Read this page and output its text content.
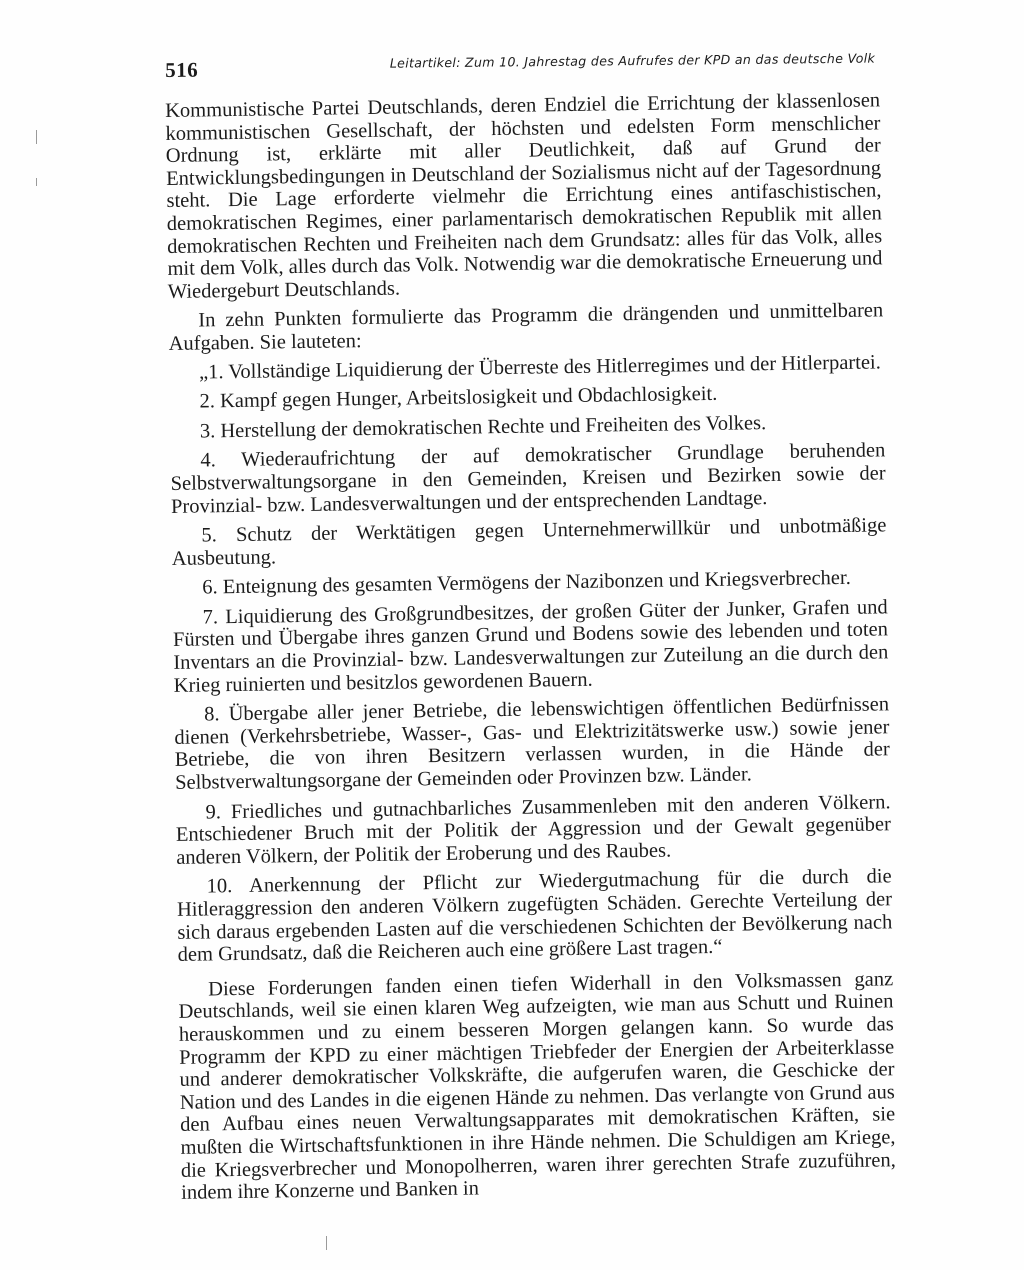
516	Leitartikel: Zum 10. Jahrestag des Aufrufes der KPD an das deutsche Volk

Kommunistische Partei Deutschlands, deren Endziel die Errichtung der klassenlosen kommunistischen Gesellschaft, der höchsten und edelsten Form menschlicher Ordnung ist, erklärte mit aller Deutlichkeit, daß auf Grund der Entwicklungsbedingungen in Deutschland der Sozialismus nicht auf der Tagesordnung steht. Die Lage erforderte vielmehr die Errichtung eines antifaschistischen, demokratischen Regimes, einer parlamentarisch demokratischen Republik mit allen demokratischen Rechten und Freiheiten nach dem Grundsatz: alles für das Volk, alles mit dem Volk, alles durch das Volk. Notwendig war die demokratische Erneuerung und Wiedergeburt Deutschlands.

In zehn Punkten formulierte das Programm die drängenden und unmittelbaren Aufgaben. Sie lauteten:

„1. Vollständige Liquidierung der Überreste des Hitlerregimes und der Hitlerpartei.

2. Kampf gegen Hunger, Arbeitslosigkeit und Obdachlosigkeit.

3. Herstellung der demokratischen Rechte und Freiheiten des Volkes.

4. Wiederaufrichtung der auf demokratischer Grundlage beruhenden Selbstverwaltungsorgane in den Gemeinden, Kreisen und Bezirken sowie der Provinzial- bzw. Landesverwaltungen und der entsprechenden Landtage.

5. Schutz der Werktätigen gegen Unternehmerwillkür und unbotmäßige Ausbeutung.

6. Enteignung des gesamten Vermögens der Nazibonzen und Kriegsverbrecher.

7. Liquidierung des Großgrundbesitzes, der großen Güter der Junker, Grafen und Fürsten und Übergabe ihres ganzen Grund und Bodens sowie des lebenden und toten Inventars an die Provinzial- bzw. Landesverwaltungen zur Zuteilung an die durch den Krieg ruinierten und besitzlos gewordenen Bauern.

8. Übergabe aller jener Betriebe, die lebenswichtigen öffentlichen Bedürfnissen dienen (Verkehrsbetriebe, Wasser-, Gas- und Elektrizitätswerke usw.) sowie jener Betriebe, die von ihren Besitzern verlassen wurden, in die Hände der Selbstverwaltungsorgane der Gemeinden oder Provinzen bzw. Länder.

9. Friedliches und gutnachbarliches Zusammenleben mit den anderen Völkern. Entschiedener Bruch mit der Politik der Aggression und der Gewalt gegenüber anderen Völkern, der Politik der Eroberung und des Raubes.

10. Anerkennung der Pflicht zur Wiedergutmachung für die durch die Hitleraggression den anderen Völkern zugefügten Schäden. Gerechte Verteilung der sich daraus ergebenden Lasten auf die verschiedenen Schichten der Bevölkerung nach dem Grundsatz, daß die Reicheren auch eine größere Last tragen.“

Diese Forderungen fanden einen tiefen Widerhall in den Volksmassen ganz Deutschlands, weil sie einen klaren Weg aufzeigten, wie man aus Schutt und Ruinen herauskommen und zu einem besseren Morgen gelangen kann. So wurde das Programm der KPD zu einer mächtigen Triebfeder der Energien der Arbeiterklasse und anderer demokratischer Volkskräfte, die aufgerufen waren, die Geschicke der Nation und des Landes in die eigenen Hände zu nehmen. Das verlangte von Grund aus den Aufbau eines neuen Verwaltungsapparates mit demokratischen Kräften, sie mußten die Wirtschaftsfunktionen in ihre Hände nehmen. Die Schuldigen am Kriege, die Kriegsverbrecher und Monopolherren, waren ihrer gerechten Strafe zuzuführen, indem ihre Konzerne und Banken in
